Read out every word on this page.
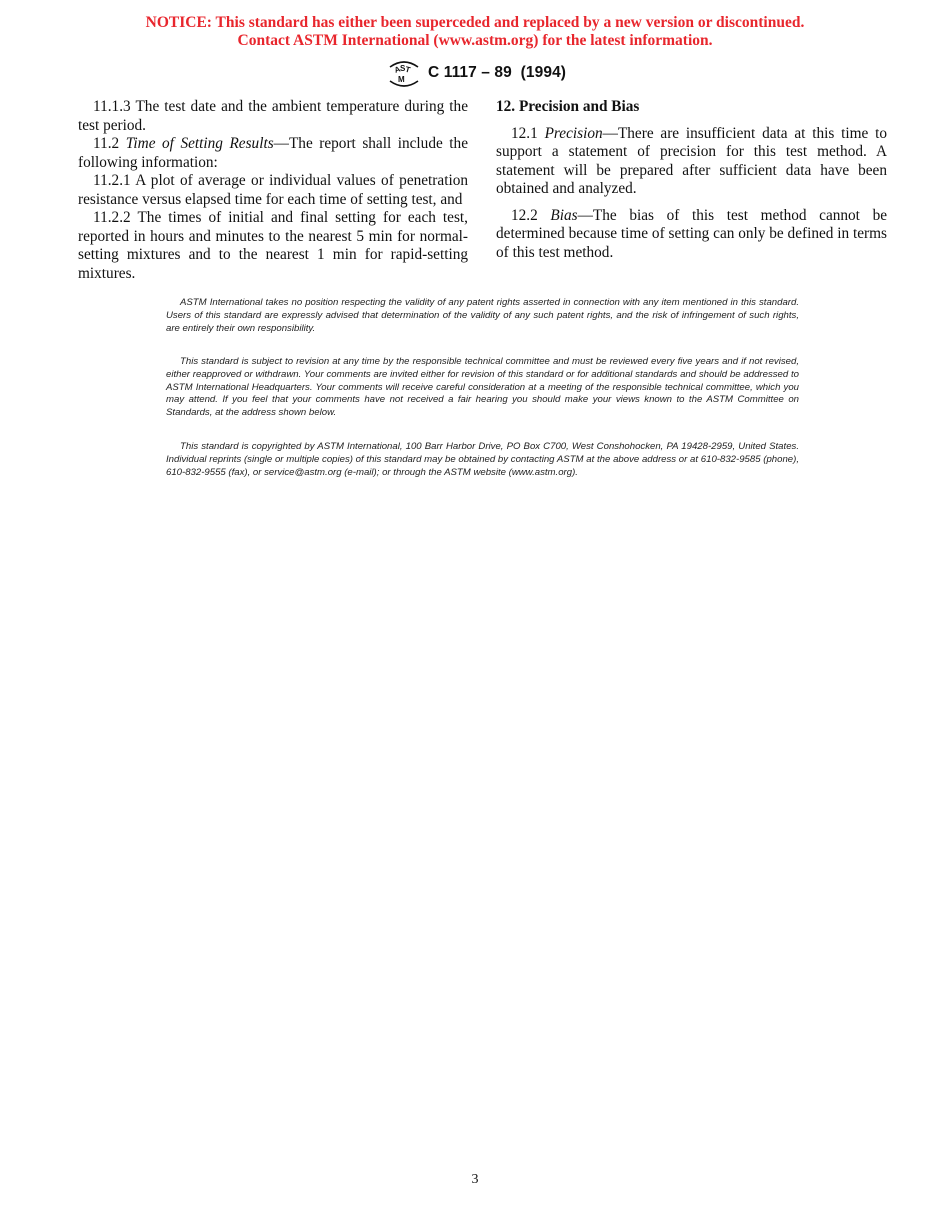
NOTICE: This standard has either been superceded and replaced by a new version or discontinued.
Contact ASTM International (www.astm.org) for the latest information.
A
S
T
M C 1117 – 89  (1994)

11.1.3 The test date and the ambient temperature during the test period.

11.2 Time of Setting Results—The report shall include the following information:

11.2.1 A plot of average or individual values of penetration resistance versus elapsed time for each time of setting test, and

11.2.2 The times of initial and final setting for each test, reported in hours and minutes to the nearest 5 min for normal-setting mixtures and to the nearest 1 min for rapid-setting mixtures.

12. Precision and Bias

12.1 Precision—There are insufficient data at this time to support a statement of precision for this test method. A statement will be prepared after sufficient data have been obtained and analyzed.

12.2 Bias—The bias of this test method cannot be determined because time of setting can only be defined in terms of this test method.

ASTM International takes no position respecting the validity of any patent rights asserted in connection with any item mentioned in this standard. Users of this standard are expressly advised that determination of the validity of any such patent rights, and the risk of infringement of such rights, are entirely their own responsibility.

This standard is subject to revision at any time by the responsible technical committee and must be reviewed every five years and if not revised, either reapproved or withdrawn. Your comments are invited either for revision of this standard or for additional standards and should be addressed to ASTM International Headquarters. Your comments will receive careful consideration at a meeting of the responsible technical committee, which you may attend. If you feel that your comments have not received a fair hearing you should make your views known to the ASTM Committee on Standards, at the address shown below.

This standard is copyrighted by ASTM International, 100 Barr Harbor Drive, PO Box C700, West Conshohocken, PA 19428-2959, United States. Individual reprints (single or multiple copies) of this standard may be obtained by contacting ASTM at the above address or at 610-832-9585 (phone), 610-832-9555 (fax), or service@astm.org (e-mail); or through the ASTM website (www.astm.org).

3
